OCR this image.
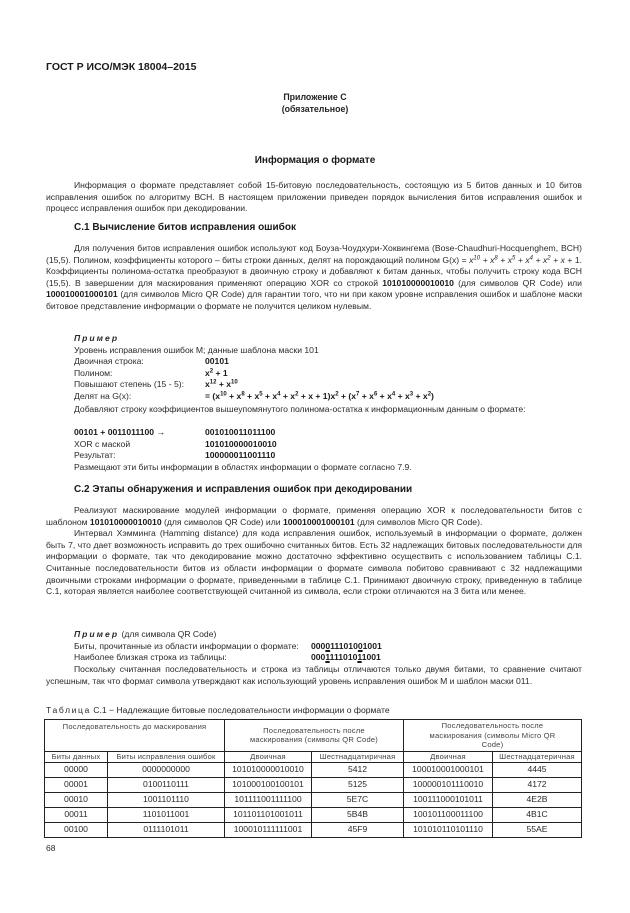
ГОСТ Р ИСО/МЭК 18004–2015
Приложение С
(обязательное)
Информация о формате

Информация о формате представляет собой 15-битовую последовательность, состоящую из 5 битов данных и 10 битов исправления ошибок по алгоритму ВСН. В настоящем приложении приведен порядок вычисления битов исправления ошибок и процесс исправления ошибок при декодировании.

С.1 Вычисление битов исправления ошибок

Для получения битов исправления ошибок используют код Боуза-Чоудхури-Хоквингема (Bose-Chaudhuri-Hocquenghem, BCH) (15,5). Полином, коэффициенты которого – биты строки данных, делят на порождающий полином $G(x) = x^{10} + x^8 + x^5 + x^4 + x^2 + x + 1$. Коэффициенты полинома-остатка преобразуют в двоичную строку и добавляют к битам данных, чтобы получить строку кода BCH (15,5). В завершении для маскирования применяют операцию XOR со строкой 101010000010010 (для символов QR Code) или 100010001000101 (для символов Micro QR Code) для гарантии того, что ни при каком уровне исправления ошибок и шаблоне маски битовое представление информации о формате не получится целиком нулевым.

Пример
Уровень исправления ошибок М; данные шаблона маски 101
Двоичная строка:	00101
Полином:	$x^2 + 1$
Повышают степень (15 - 5):	$x^{12} + x^{10}$
Делят на G(x):	= $(x^{10} + x^8 + x^5 + x^4 + x^2 + x + 1)x^2 + (x^7 + x^6 + x^4 + x^3 + x^2)$

Добавляют строку коэффициентов вышеупомянутого полинома-остатка к информационным данным о формате:

00101 + 0011011100 →	001010011011100
XOR с маской	101010000010010
Результат:	100000011001110
Размещают эти биты информации в областях информации о формате согласно 7.9.
С.2 Этапы обнаружения и исправления ошибок при декодировании

Реализуют маскирование модулей информации о формате, применяя операцию XOR к последовательности битов с шаблоном 101010000010010 (для символов QR Code) или 100010001000101 (для символов Micro QR Code).

Интервал Хэмминга (Hamming distance) для кода исправления ошибок, используемый в информации о формате, должен быть 7, что дает возможность исправить до трех ошибочно считанных битов. Есть 32 надлежащих битовых последовательности для информации о формате, так что декодирование можно достаточно эффективно осуществить с использованием таблицы С.1. Считанные последовательности битов из области информации о формате символа побитово сравнивают с 32 надлежащими двоичными строками информации о формате, приведенными в таблице С.1. Принимают двоичную строку, приведенную в таблице С.1, которая является наиболее соответствующей считанной из символа, если строки отличаются на 3 бита или менее.

Пример
(для символа QR Code)
Биты, прочитанные из области информации о формате:	000011101001001
Наиболее близкая строка из таблицы:	000111101011001

Поскольку считанная последовательность и строка из таблицы отличаются только двумя битами, то сравнение считают успешным, так что формат символа утверждают как использующий уровень исправления ошибок М и шаблон маски 011.

Таблица С.1 − Надлежащие битовые последовательности информации о формате
Последовательность до маскирования		Последовательность после маскирования (символы QR Code)		Последовательность после маскирования (символы Micro QR Code)	
Биты данных	Биты исправления ошибок	Двоичная	Шестнадцатиричная	Двоичная	Шестнадцатеричная
00000	0000000000	101010000010010	5412	100010001000101	4445
00001	0100110111	101000100100101	5125	100000101110010	4172
00010	1001101110	101111001111100	5E7C	100111000101011	4E2B
00011	1101011001	101101101001011	5B4B	100101100011100	4B1C
00100	0111101011	100010111111001	45F9	101010110101110	55AE
68
